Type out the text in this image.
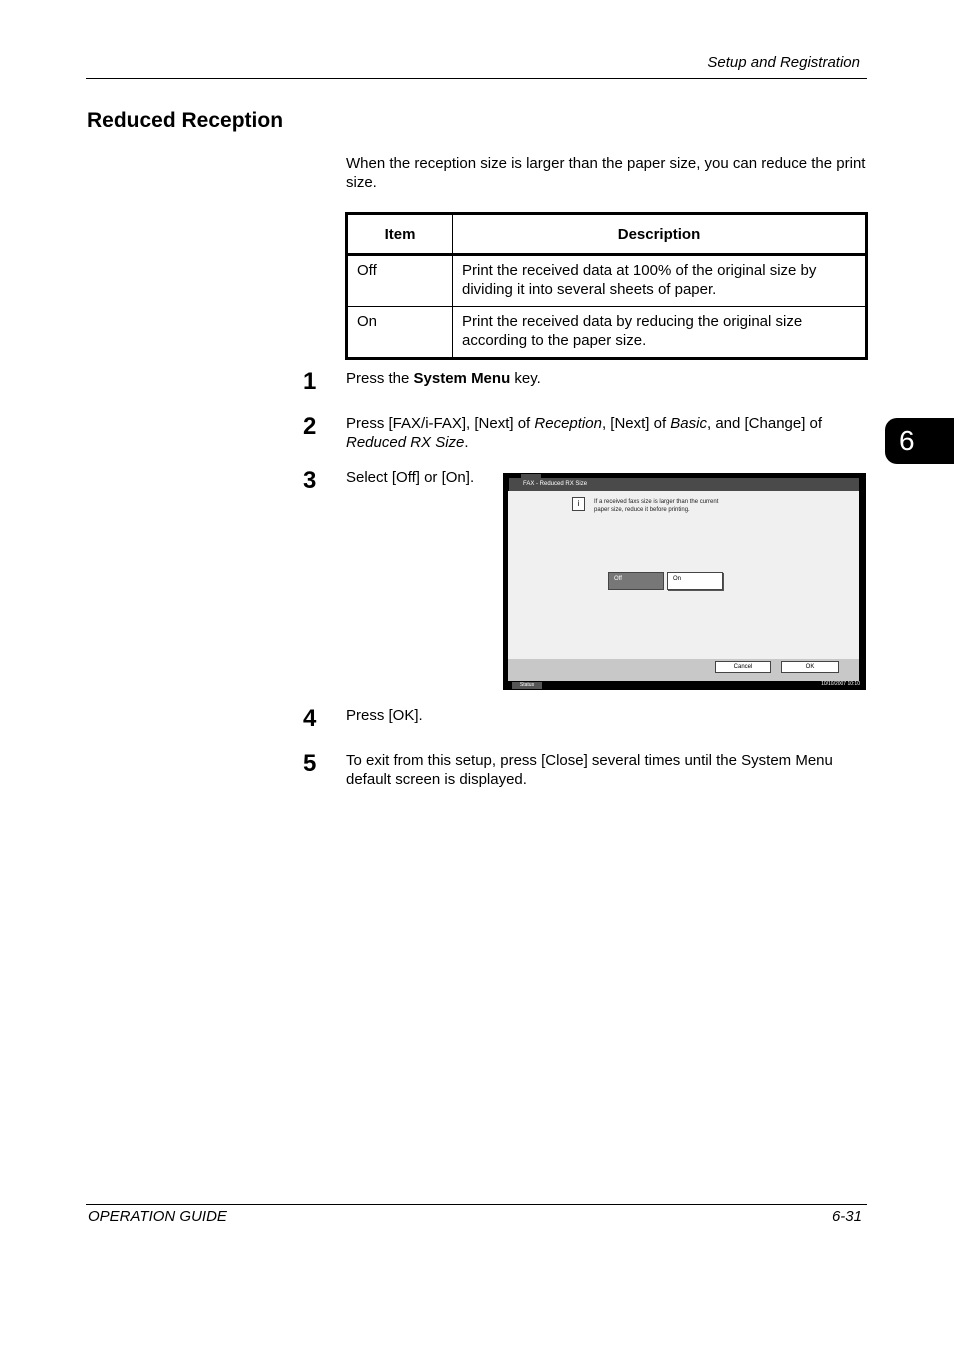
Setup and Registration
Reduced Reception
When the reception size is larger than the paper size, you can reduce the print size.
Item	Description
Off	Print the received data at 100% of the original size by dividing it into several sheets of paper.
On	Print the received data by reducing the original size according to the paper size.
6
1 Press the System Menu key.
2 Press [FAX/i-FAX], [Next] of Reception, [Next] of Basic, and [Change] of Reduced RX Size.
3 Select [Off] or [On].	FAX - Reduced RX Size
i	If a received faxs size is larger than the current
paper size, reduce it before printing.
Off	On
Cancel	OK
Status	10/10/2007 10:10
4 Press [OK].
5 To exit from this setup, press [Close] several times until the System Menu default screen is displayed.
OPERATION GUIDE	6-31
